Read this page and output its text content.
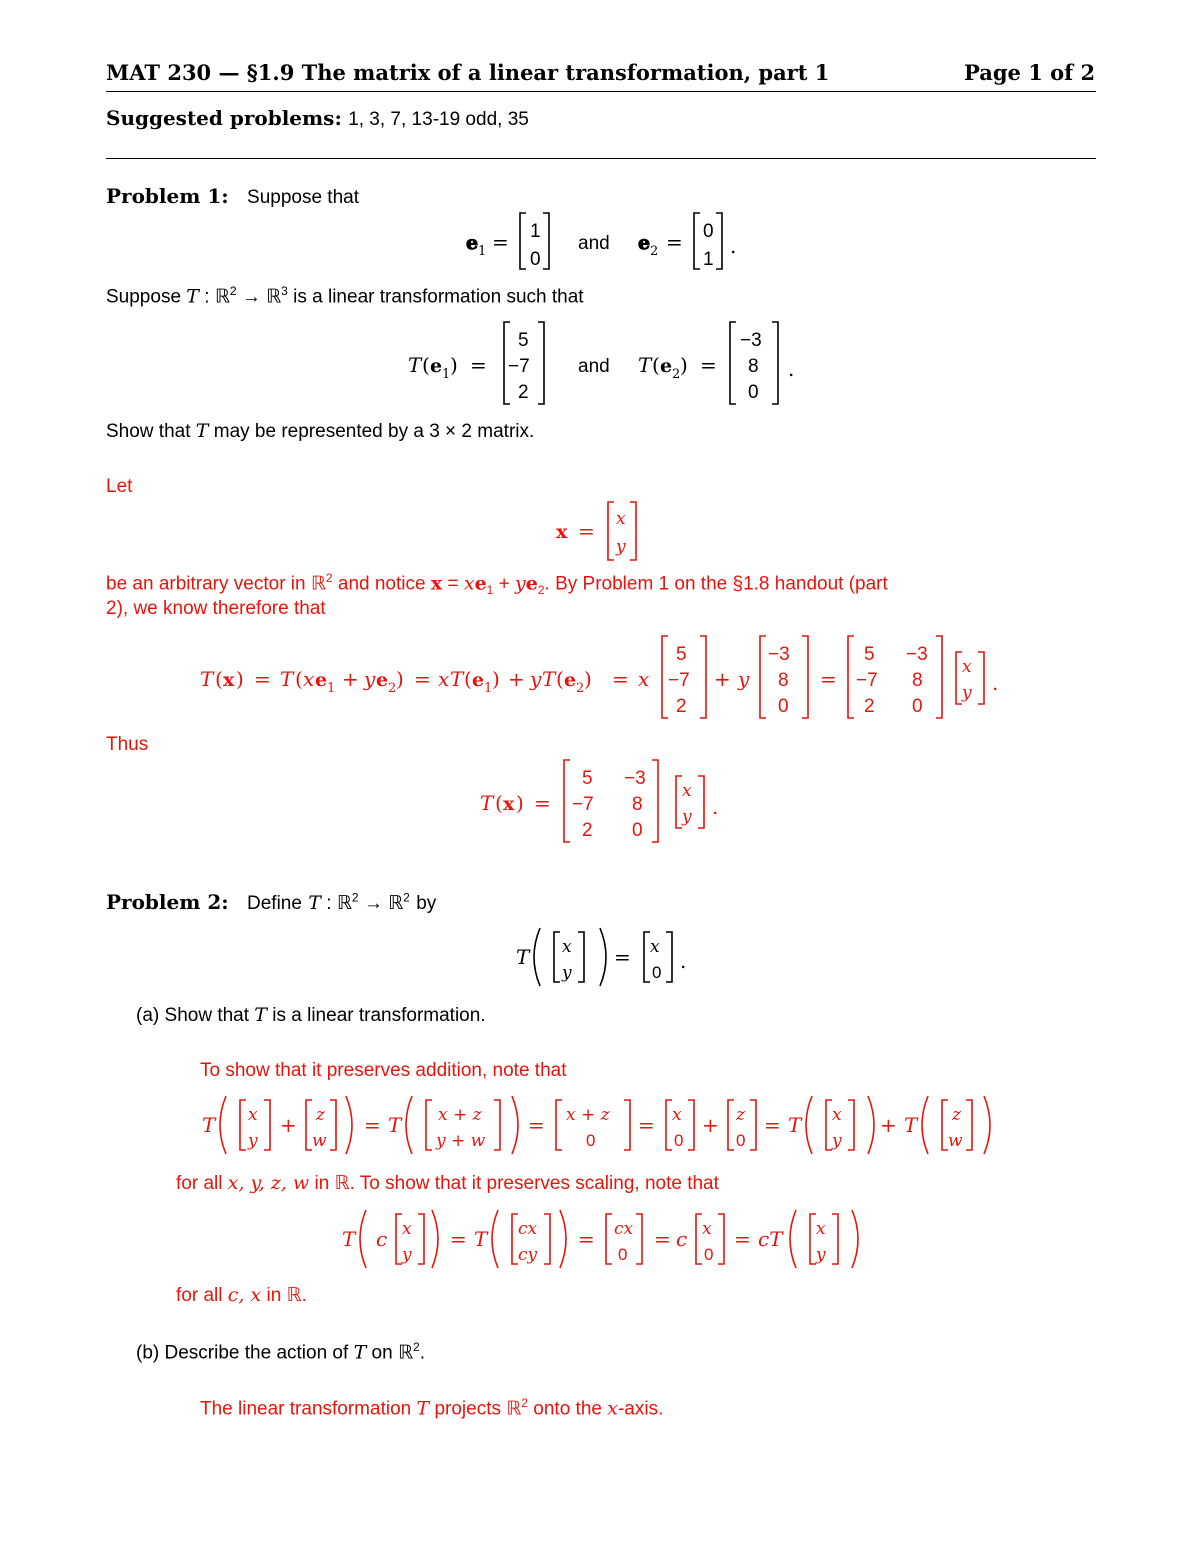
MAT 230 — §1.9 The matrix of a linear transformation, part 1	Page 1 of 2
Suggested problems: 1, 3, 7, 13-19 odd, 35
Problem 1: Suppose that
e 1 = 1
0
and e 2 = 0
1
.
Suppose T : ℝ$^2$ → ℝ$^3$ is a linear transformation such that
T ( e 1 ) =
5
−7
2
and T ( e 2 ) =
−3
8
0
.
Show that T may be represented by a 3 × 2 matrix.
Let
x = x
y
be an arbitrary vector in ℝ$^2$ and notice $x = xe_1 + ye_2$. By Problem 1 on the §1.8 handout (part
2), we know therefore that
T ( x ) = T ( x e 1 + y e 2 ) = x T ( e 1 ) + y T ( e 2 ) = x
5
−7
2
+ y
−3
8
0
=
5 −3
−7 8
2 0
x
y .
Thus
T ( x ) =
5 −3
−7 8
2 0
x
y .
Problem 2: Define T : ℝ$^2$ → ℝ$^2$ by
T x
y
= x
0 .
(a) Show that T is a linear transformation.
To show that it preserves addition, note that
T x
y
+ z
w
= T x + z
y + w
= x + z
0
= x
0
+ z
0
= T x
y
+ T z
w
for all x, y, z, w in ℝ. To show that it preserves scaling, note that
T c x
y
= T cx
cy
= cx
0
= c x
0
= cT x
y
for all c, x in ℝ.
(b) Describe the action of T on ℝ$^2$.
The linear transformation T projects ℝ$^2$ onto the x-axis.
